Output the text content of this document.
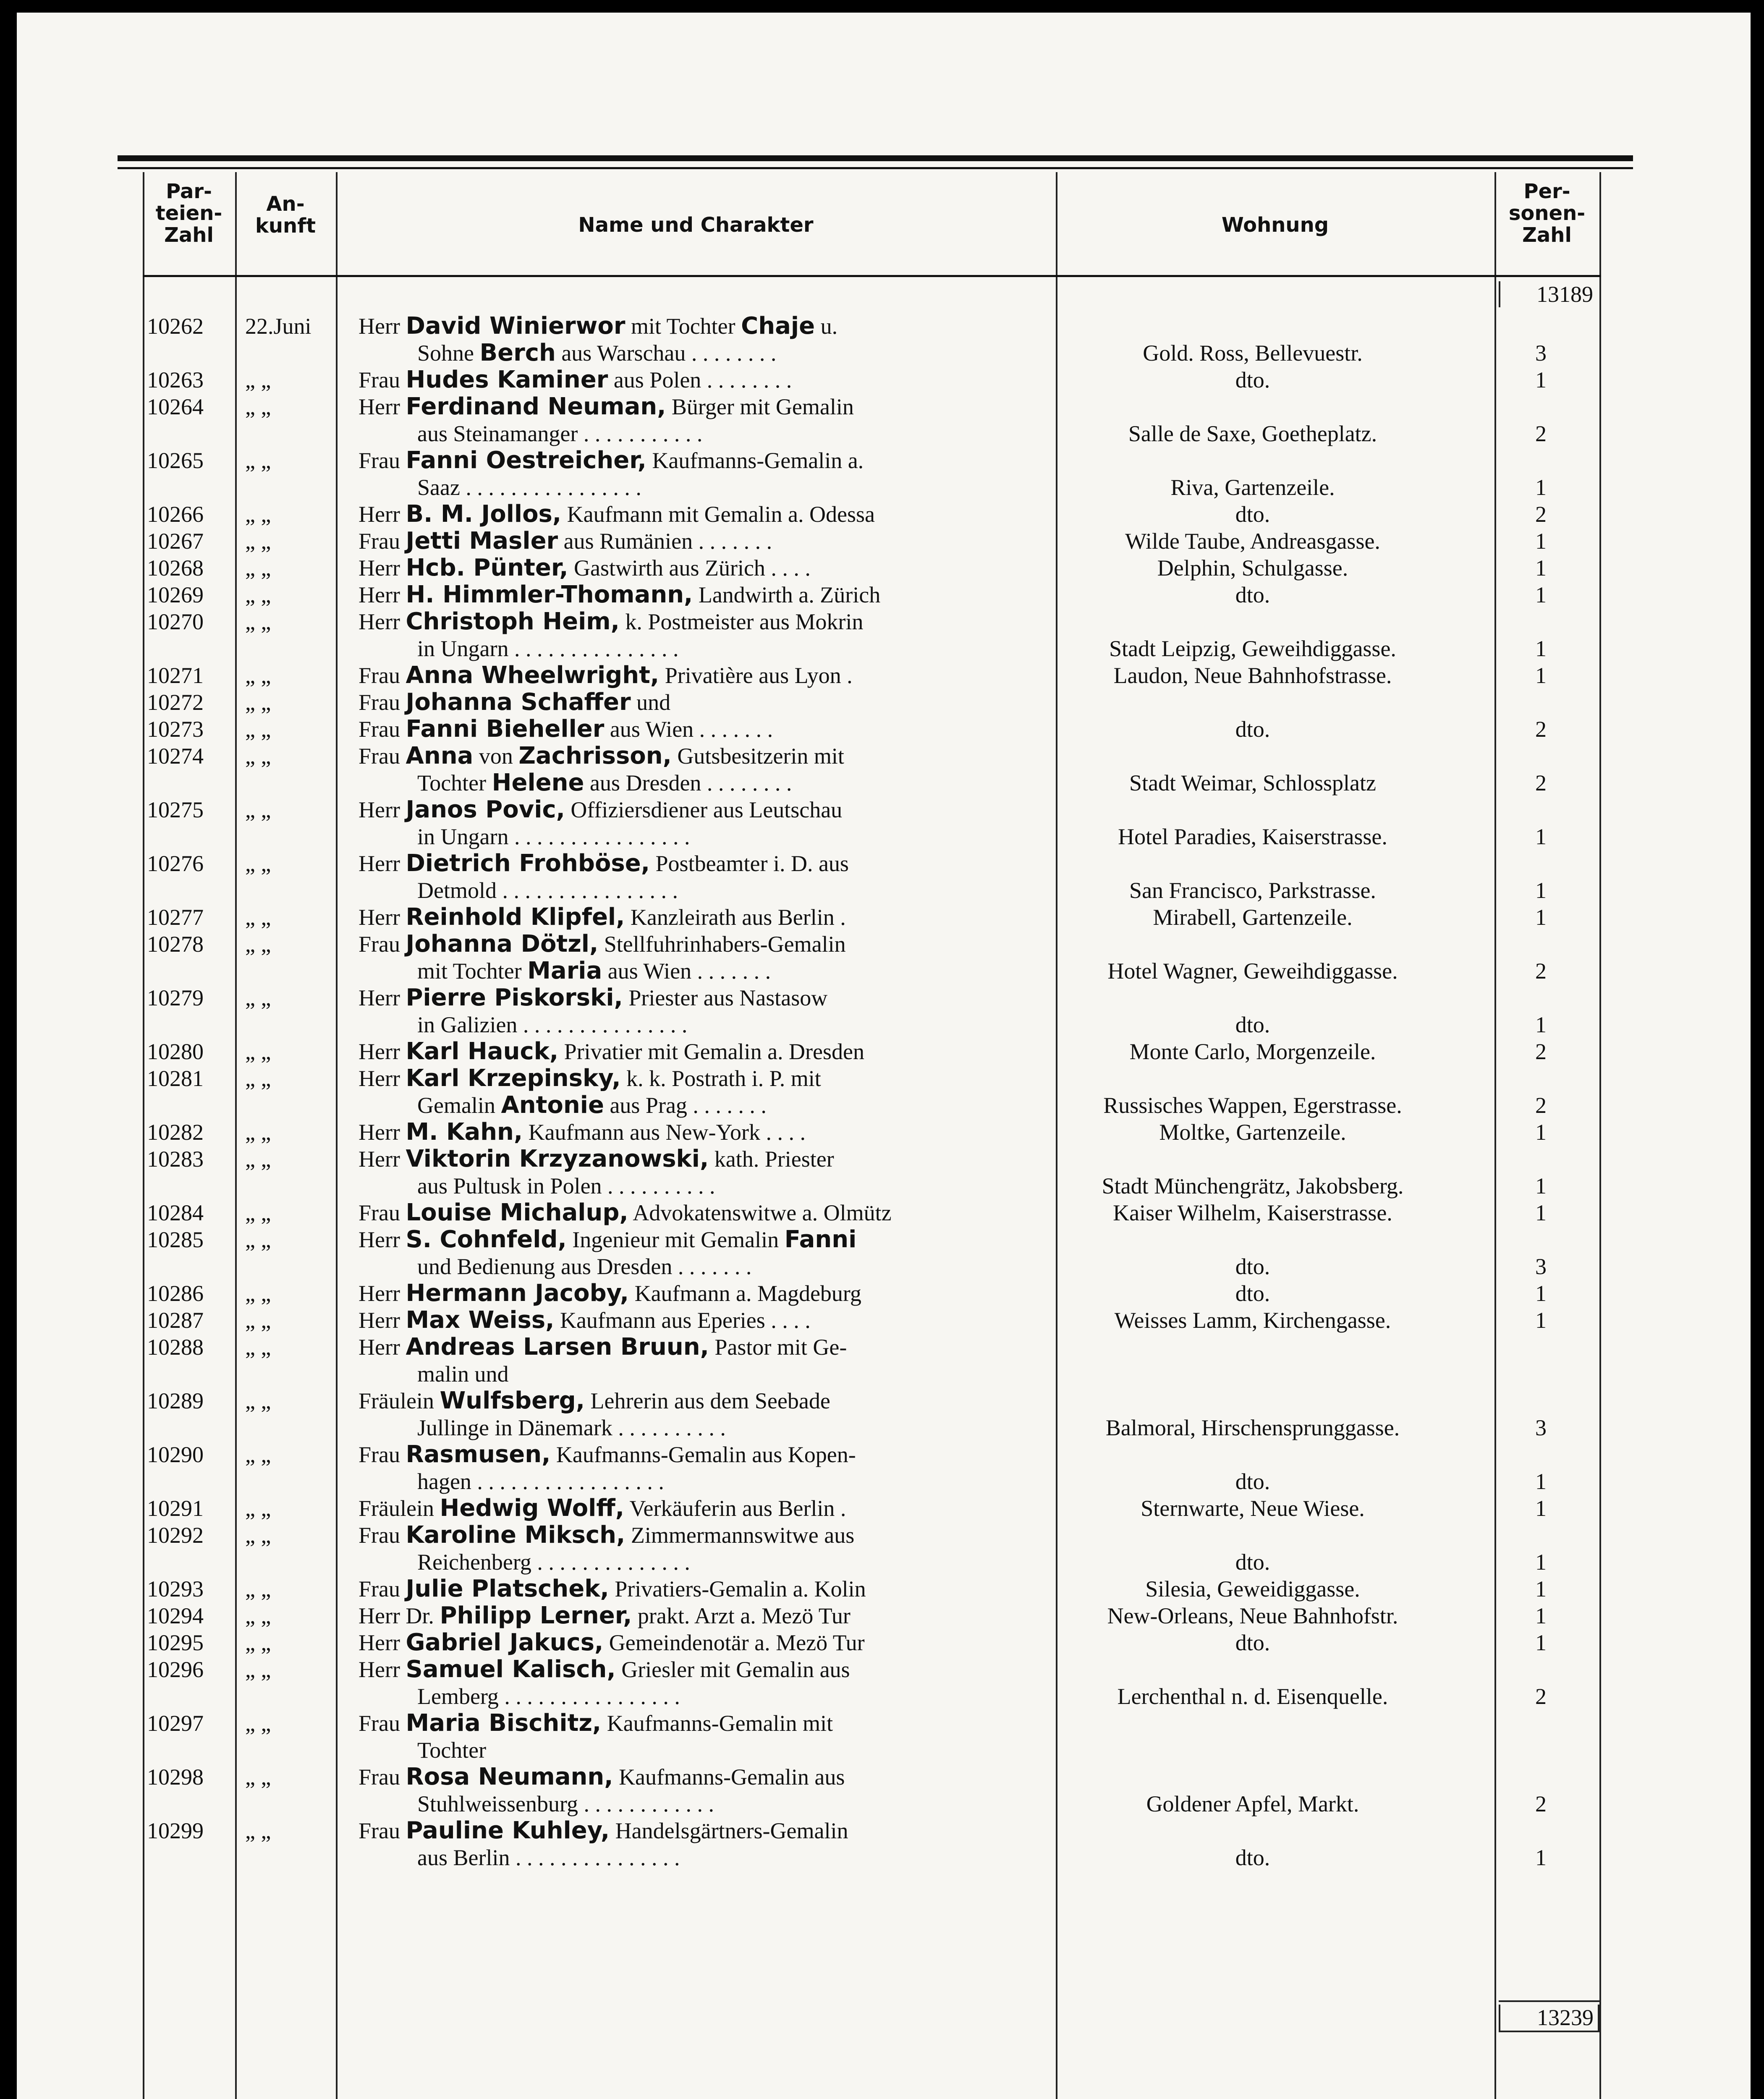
Par-
teien-
Zahl
An-
kunft	Name und Charakter	Wohnung
Per-
sonen-
Zahl
13189
10262	22.Juni	Herr David Winierwor mit Tochter Chaje u.
Sohne Berch aus Warschau . . . . . . . .	Gold. Ross, Bellevuestr.	3
10263	„ „	Frau Hudes Kaminer aus Polen . . . . . . . .	dto.	1
10264	„ „	Herr Ferdinand Neuman, Bürger mit Gemalin
aus Steinamanger . . . . . . . . . . .	Salle de Saxe, Goetheplatz.	2
10265	„ „	Frau Fanni Oestreicher, Kaufmanns-Gemalin a.
Saaz . . . . . . . . . . . . . . . .	Riva, Gartenzeile.	1
10266	„ „	Herr B. M. Jollos, Kaufmann mit Gemalin a. Odessa	dto.	2
10267	„ „	Frau Jetti Masler aus Rumänien . . . . . . .	Wilde Taube, Andreasgasse.	1
10268	„ „	Herr Hcb. Pünter, Gastwirth aus Zürich . . . .	Delphin, Schulgasse.	1
10269	„ „	Herr H. Himmler-Thomann, Landwirth a. Zürich	dto.	1
10270	„ „	Herr Christoph Heim, k. Postmeister aus Mokrin
in Ungarn . . . . . . . . . . . . . . .	Stadt Leipzig, Geweihdiggasse.	1
10271	„ „	Frau Anna Wheelwright, Privatière aus Lyon .	Laudon, Neue Bahnhofstrasse.	1
10272	„ „	Frau Johanna Schaffer und
10273	„ „	Frau Fanni Bieheller aus Wien . . . . . . .	dto.	2
10274	„ „	Frau Anna von Zachrisson, Gutsbesitzerin mit
Tochter Helene aus Dresden . . . . . . . .	Stadt Weimar, Schlossplatz	2
10275	„ „	Herr Janos Povic, Offiziersdiener aus Leutschau
in Ungarn . . . . . . . . . . . . . . . .	Hotel Paradies, Kaiserstrasse.	1
10276	„ „	Herr Dietrich Frohböse, Postbeamter i. D. aus
Detmold . . . . . . . . . . . . . . . .	San Francisco, Parkstrasse.	1
10277	„ „	Herr Reinhold Klipfel, Kanzleirath aus Berlin .	Mirabell, Gartenzeile.	1
10278	„ „	Frau Johanna Dötzl, Stellfuhrinhabers-Gemalin
mit Tochter Maria aus Wien . . . . . . .	Hotel Wagner, Geweihdiggasse.	2
10279	„ „	Herr Pierre Piskorski, Priester aus Nastasow
in Galizien . . . . . . . . . . . . . . .	dto.	1
10280	„ „	Herr Karl Hauck, Privatier mit Gemalin a. Dresden	Monte Carlo, Morgenzeile.	2
10281	„ „	Herr Karl Krzepinsky, k. k. Postrath i. P. mit
Gemalin Antonie aus Prag . . . . . . .	Russisches Wappen, Egerstrasse.	2
10282	„ „	Herr M. Kahn, Kaufmann aus New-York . . . .	Moltke, Gartenzeile.	1
10283	„ „	Herr Viktorin Krzyzanowski, kath. Priester
aus Pultusk in Polen . . . . . . . . . .	Stadt Münchengrätz, Jakobsberg.	1
10284	„ „	Frau Louise Michalup, Advokatenswitwe a. Olmütz	Kaiser Wilhelm, Kaiserstrasse.	1
10285	„ „	Herr S. Cohnfeld, Ingenieur mit Gemalin Fanni
und Bedienung aus Dresden . . . . . . .	dto.	3
10286	„ „	Herr Hermann Jacoby, Kaufmann a. Magdeburg	dto.	1
10287	„ „	Herr Max Weiss, Kaufmann aus Eperies . . . .	Weisses Lamm, Kirchengasse.	1
10288	„ „	Herr Andreas Larsen Bruun, Pastor mit Ge-
malin und
10289	„ „	Fräulein Wulfsberg, Lehrerin aus dem Seebade
Jullinge in Dänemark . . . . . . . . . .	Balmoral, Hirschensprunggasse.	3
10290	„ „	Frau Rasmusen, Kaufmanns-Gemalin aus Kopen-
hagen . . . . . . . . . . . . . . . . .	dto.	1
10291	„ „	Fräulein Hedwig Wolff, Verkäuferin aus Berlin .	Sternwarte, Neue Wiese.	1
10292	„ „	Frau Karoline Miksch, Zimmermannswitwe aus
Reichenberg . . . . . . . . . . . . . .	dto.	1
10293	„ „	Frau Julie Platschek, Privatiers-Gemalin a. Kolin	Silesia, Geweidiggasse.	1
10294	„ „	Herr Dr. Philipp Lerner, prakt. Arzt a. Mezö Tur	New-Orleans, Neue Bahnhofstr.	1
10295	„ „	Herr Gabriel Jakucs, Gemeindenotär a. Mezö Tur	dto.	1
10296	„ „	Herr Samuel Kalisch, Griesler mit Gemalin aus
Lemberg . . . . . . . . . . . . . . . .	Lerchenthal n. d. Eisenquelle.	2
10297	„ „	Frau Maria Bischitz, Kaufmanns-Gemalin mit
Tochter
10298	„ „	Frau Rosa Neumann, Kaufmanns-Gemalin aus
Stuhlweissenburg . . . . . . . . . . . .	Goldener Apfel, Markt.	2
10299	„ „	Frau Pauline Kuhley, Handelsgärtners-Gemalin
aus Berlin . . . . . . . . . . . . . . .	dto.	1
13239
